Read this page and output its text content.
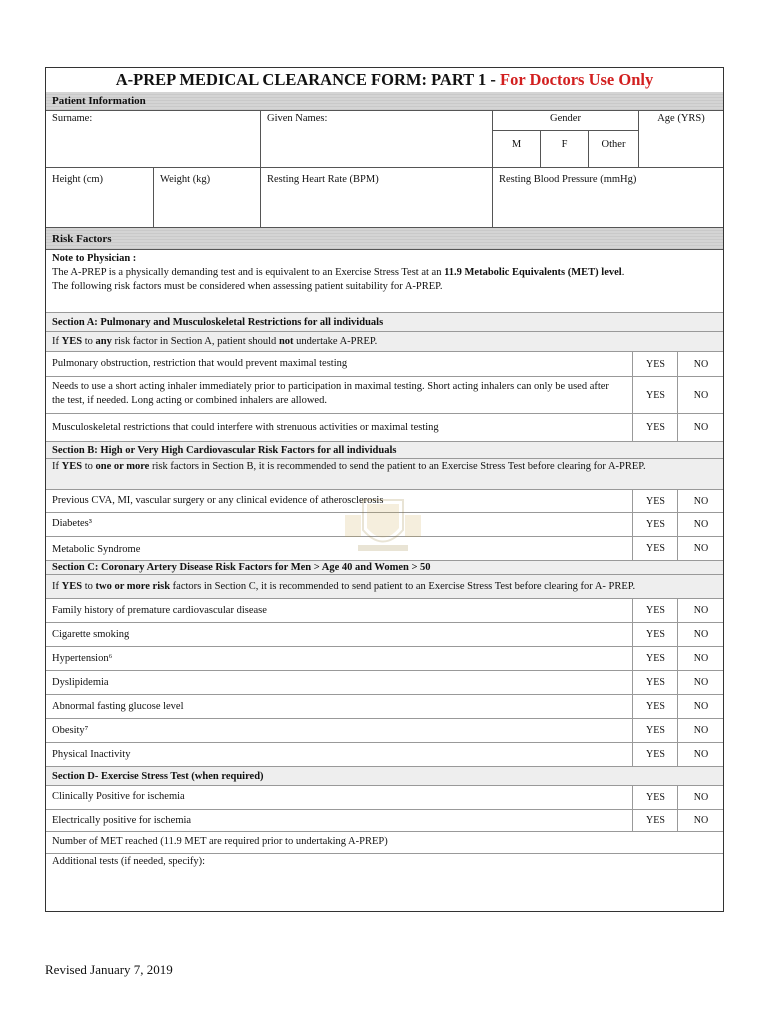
A-PREP MEDICAL CLEARANCE FORM: PART 1 - For Doctors Use Only
Patient Information
Surname:	Given Names:	Gender	Age (YRS)
M	F	Other
Height (cm)	Weight (kg)	Resting Heart Rate (BPM)	Resting Blood Pressure (mmHg)
Risk Factors
Note to Physician :
The A-PREP is a physically demanding test and is equivalent to an Exercise Stress Test at an 11.9 Metabolic Equivalents (MET) level.
The following risk factors must be considered when assessing patient suitability for A-PREP.
Section A: Pulmonary and Musculoskeletal Restrictions for all individuals
If YES to any risk factor in Section A, patient should not undertake A-PREP.
Pulmonary obstruction, restriction that would prevent maximal testing	YES	NO
Needs to use a short acting inhaler immediately prior to participation in maximal testing. Short acting inhalers can only be used after the test, if needed. Long acting or combined inhalers are allowed.	YES	NO
Musculoskeletal restrictions that could interfere with strenuous activities or maximal testing	YES	NO
Section B: High or Very High Cardiovascular Risk Factors for all individuals
If YES to one or more risk factors in Section B, it is recommended to send the patient to an Exercise Stress Test before clearing for A-PREP.
Previous CVA, MI, vascular surgery or any clinical evidence of atherosclerosis	YES	NO
Diabetes³	YES	NO
Metabolic Syndrome	YES	NO
Section C: Coronary Artery Disease Risk Factors for Men > Age 40 and Women > 50
If YES to two or more risk factors in Section C, it is recommended to send patient to an Exercise Stress Test before clearing for A- PREP.
Family history of premature cardiovascular disease	YES	NO
Cigarette smoking	YES	NO
Hypertension⁶	YES	NO
Dyslipidemia	YES	NO
Abnormal fasting glucose level	YES	NO
Obesity⁷	YES	NO
Physical Inactivity	YES	NO
Section D- Exercise Stress Test (when required)
Clinically Positive for ischemia	YES	NO
Electrically positive for ischemia	YES	NO
Number of MET reached (11.9 MET are required prior to undertaking A-PREP)
Additional tests (if needed, specify):
Revised January 7, 2019
